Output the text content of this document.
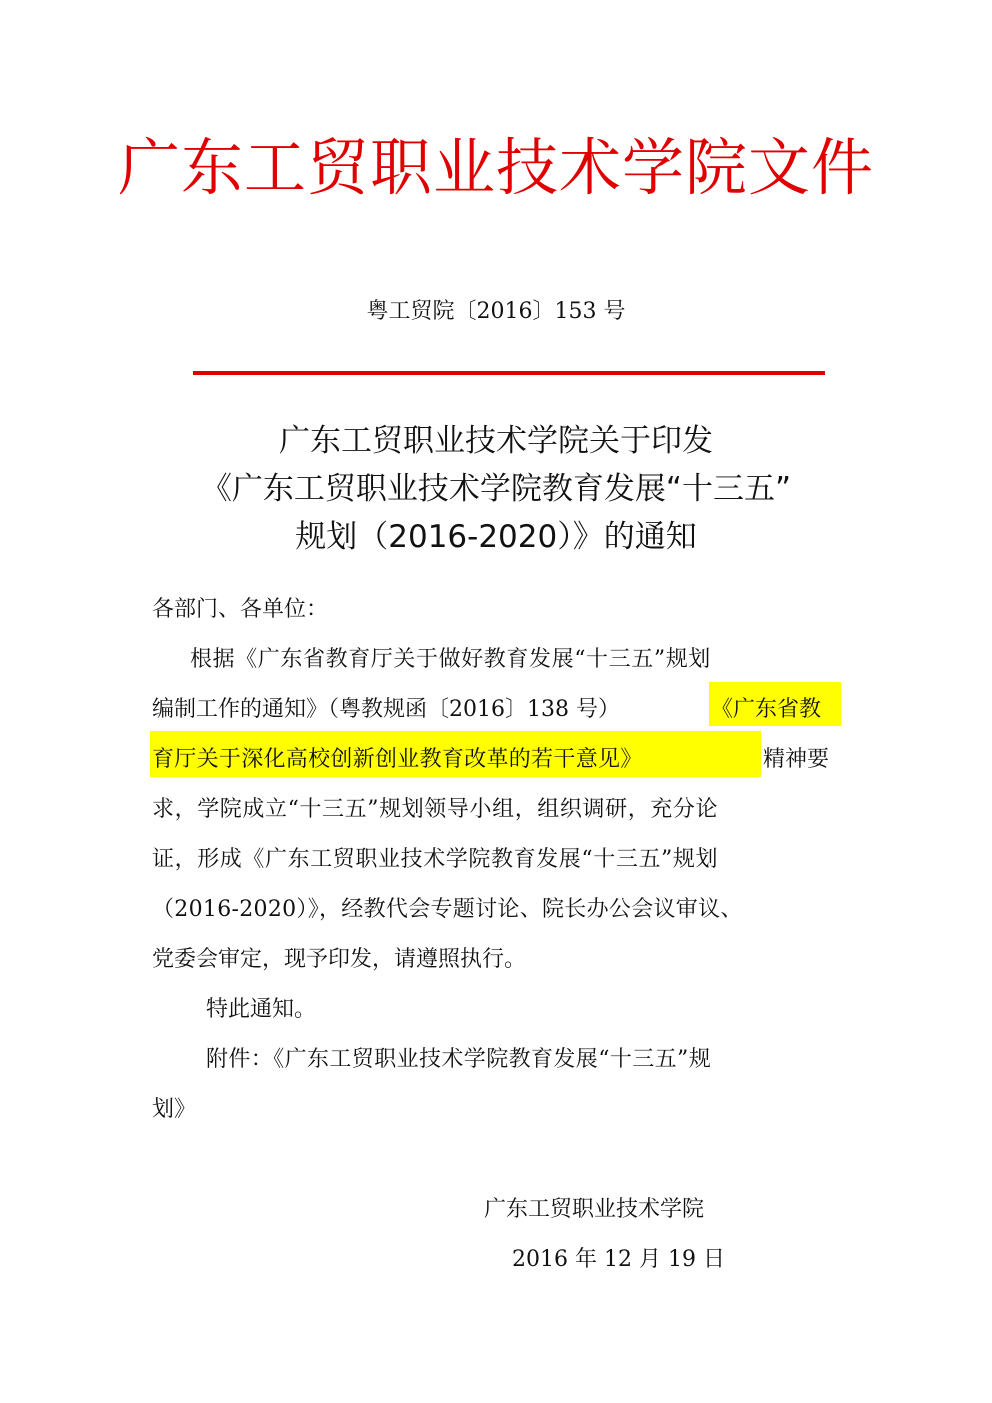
广东工贸职业技术学院文件
粤工贸院〔2016〕153 号
广东工贸职业技术学院关于印发
《广东工贸职业技术学院教育发展“十三五”
规划（2016-2020）》的通知
各部门、各单位：
根据《广东省教育厅关于做好教育发展“十三五”规划
编制工作的通知》（粤教规函〔2016〕138 号）	《广东省教
育厅关于深化高校创新创业教育改革的若干意见》	精神要
求，学院成立“十三五”规划领导小组，组织调研，充分论
证，形成《广东工贸职业技术学院教育发展“十三五”规划
（2016-2020）》，经教代会专题讨论、院长办公会议审议、
党委会审定，现予印发，请遵照执行。
特此通知。
附件：《广东工贸职业技术学院教育发展“十三五”规
划》
广东工贸职业技术学院
2016 年 12 月 19 日
